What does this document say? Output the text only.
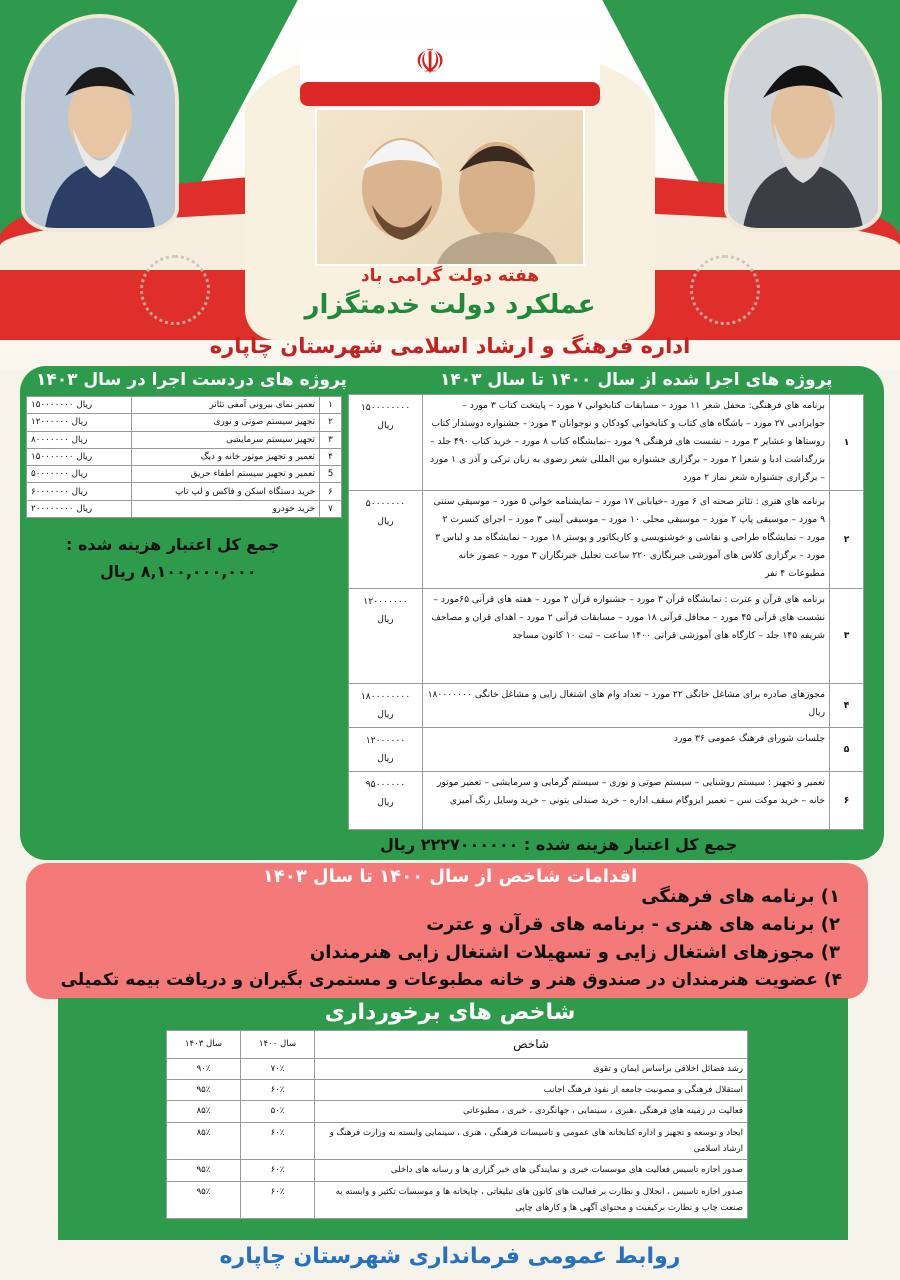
☫
هفته دولت گرامی باد
عملکرد دولت خدمتگزار
اداره فرهنگ و ارشاد اسلامی شهرستان چاپاره
پروژه های اجرا شده از سال ۱۴۰۰ تا سال ۱۴۰۳
پروژه های دردست اجرا در سال ۱۴۰۳
۱	برنامه های فرهنگی: محفل شعر ۱۱ مورد – مسابقات کتابخوانی ۷ مورد – پایتخت کتاب ۳ مورد – جوایزادبی ۲۷ مورد – باشگاه های کتاب و کتابخوانی کودکان و نوجوانان ۳ مورد – جشنواره دوستدار کتاب روستاها و عشایر ۳ مورد – نشست های فرهنگی ۹ مورد –نمایشگاه کتاب ۸ مورد – خرید کتاب ۴۹۰ جلد – بزرگداشت ادبا و شعرا ۲ مورد – برگزاری جشنواره بین المللی شعر رضوی به زبان ترکی و آذر ی ۱ مورد – برگزاری جشنواره شعر نماز ۲ مورد	۱۵۰۰۰۰۰۰۰۰
ریال

۲	برنامه های هنری : تئاتر صحنه ای ۶ مورد –خیابانی ۱۷ مورد – نمایشنامه خوانی ۵ مورد – موسیقی سنتی ۹ مورد – موسیقی پاپ ۲ مورد – موسیقی محلی ۱۰ مورد – موسیقی آیینی ۳ مورد – اجرای کنسرت ۲ مورد – نمایشگاه طراحی و نقاشی و خوشنویسی و کاریکاتور و پوستر ۱۸ مورد – نمایشگاه مد و لباس ۳ مورد – برگزاری کلاس های آموزشی خبرنگاری ۲۲۰ ساعت تجلیل خبرنگاران ۳ مورد – عضور خانه مطبوعات ۴ نفر	۵۰۰۰۰۰۰۰
ریال

۳	برنامه های قرآن و عترت : نمایشگاه قرآن ۳ مورد – جشنواره قرآن ۲ مورد – هفته های قرآنی ۶۵مورد – نشست های قرآنی ۴۵ مورد – محافل قرآنی ۱۸ مورد – مسابقات قرآنی ۲ مورد – اهدای قران و مصاحف شریفه ۱۴۵ جلد – کارگاه های آموزشی قرانی ۱۴۰۰ ساعت – ثبت ۱۰ کانون مساجد	۱۲۰۰۰۰۰۰۰
ریال

۴	مجوزهای صادره برای مشاغل خانگی ۲۲ مورد – تعداد وام های اشتغال زایی و مشاغل خانگی ۱۸۰۰۰۰۰۰۰ ریال	۱۸۰۰۰۰۰۰۰۰
ریال

۵	جلسات شورای فرهنگ عمومی ۳۶ مورد	۱۲۰۰۰۰۰۰
ریال

۶	تعمیر و تجهیز : سیستم روشنایی – سیستم صوتی و نوری – سیستم گرمایی و سرمایشی – تعمیر موتور خانه – خرید موکت سن – تعمیر ایزوگام سقف اداره – خرید صندلی بتونی – خرید وسایل رنگ آمیزی	۹۵۰۰۰۰۰۰
ریال
۱	تعمیر نمای بیرونی آمفی تئاتر	۱۵۰۰۰۰۰۰۰ ریال
۲	تجهیز سیستم صوتی و نوری	۱۲۰۰۰۰۰۰ ریال
۳	تجهیز سیستم سرمایشی	۸۰۰۰۰۰۰۰ ریال
۴	تعمیر و تجهیز موتور خانه و دیگ	۱۵۰۰۰۰۰۰۰ ریال
5	تعمیر و تجهیز سیستم اطفاء حریق	۵۰۰۰۰۰۰۰ ریال
۶	خرید دستگاه اسکن و فاکس و لپ تاپ	۶۰۰۰۰۰۰۰ ریال
۷	خرید خودرو	۲۰۰۰۰۰۰۰۰ ریال
جمع کل اعتبار هزینه شده :
۸,۱۰۰,۰۰۰,۰۰۰ ریال
جمع کل اعتبار هزینه شده : ۲۲۲۷۰۰۰۰۰۰ ریال
اقدامات شاخص از سال ۱۴۰۰ تا سال ۱۴۰۳
۱) برنامه های فرهنگی
۲) برنامه های هنری - برنامه های قرآن و عترت
۳) مجوزهای اشتغال زایی و تسهیلات اشتغال زایی هنرمندان
۴) عضویت هنرمندان در صندوق هنر و خانه مطبوعات و مستمری بگیران و دریافت بیمه تکمیلی
شاخص های برخورداری
شاخص	سال ۱۴۰۰	سال ۱۴۰۳
رشد فضائل اخلاقی براساس ایمان و تقوی	۷۰٪	۹۰٪
استقلال فرهنگی و مصونیت جامعه از نفوذ فرهنگ اجانب	۶۰٪	۹۵٪
فعالیت در زمینه های فرهنگی ،هنری ، سینمایی ، جهانگردی ، خبری ، مطبوعاتی	۵۰٪	۸۵٪
ایجاد و توسعه و تجهیز و اداره کتابخانه های عمومی و تاسیسات فرهنگی ، هنری ، سینمایی وابسته به وزارت فرهنگ و ارشاد اسلامی	۶۰٪	۸۵٪
صدور اجازه تاسیس فعالیت های موسسات خبری و نمایندگی های خبر گزاری ها و رسانه های داخلی	۶۰٪	۹۵٪
صدور اجازه تاسیس ، انحلال و نظارت بر فعالیت های کانون های تبلیغاتی ، چاپخانه ها و موسسات تکثیر و وابسته به صنعت چاپ و نظارت برکیفیت و محتوای آگهی ها و کارهای چاپی	۶۰٪	۹۵٪
روابط عمومی فرمانداری شهرستان چاپاره
